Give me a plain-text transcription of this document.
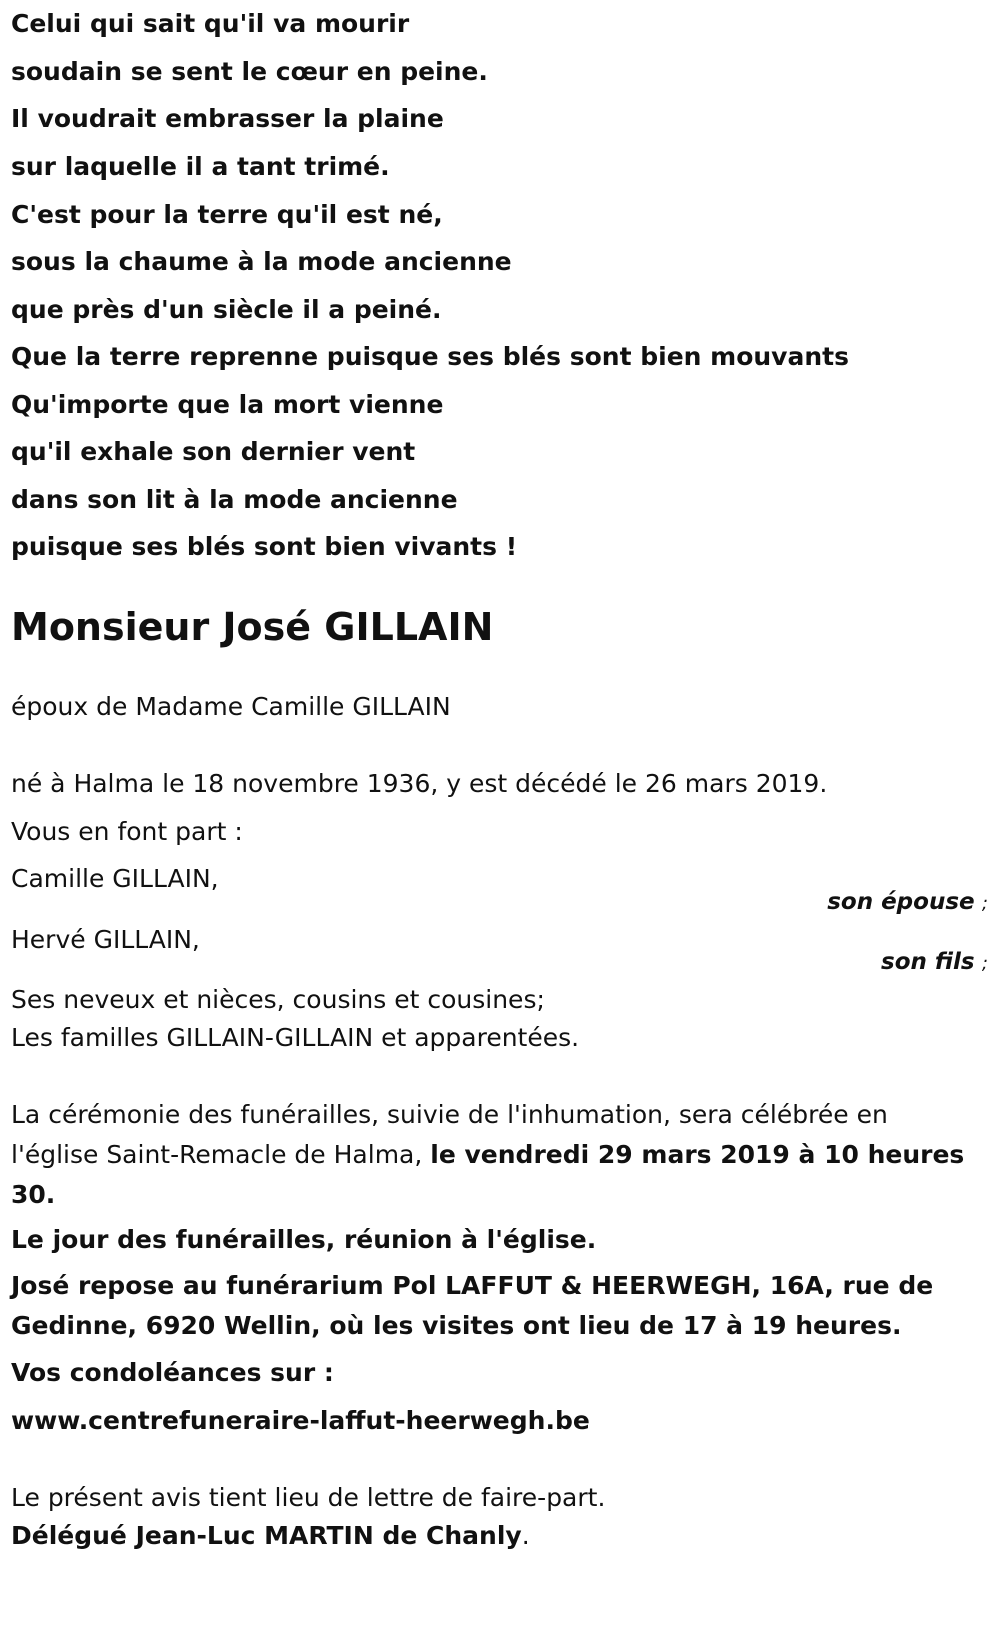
Celui qui sait qu'il va mourir
soudain se sent le cœur en peine.
Il voudrait embrasser la plaine
sur laquelle il a tant trimé.
C'est pour la terre qu'il est né,
sous la chaume à la mode ancienne
que près d'un siècle il a peiné.
Que la terre reprenne puisque ses blés sont bien mouvants
Qu'importe que la mort vienne
qu'il exhale son dernier vent
dans son lit à la mode ancienne
puisque ses blés sont bien vivants !
Monsieur José GILLAIN
époux de Madame Camille GILLAIN
né à Halma le 18 novembre 1936, y est décédé le 26 mars 2019.
Vous en font part :
Camille GILLAIN,
son épouse ;
Hervé GILLAIN,
son fils ;
Ses neveux et nièces, cousins et cousines;
Les familles GILLAIN-GILLAIN et apparentées.
La cérémonie des funérailles, suivie de l'inhumation, sera célébrée en l'église Saint-Remacle de Halma, le vendredi 29 mars 2019 à 10 heures 30.
Le jour des funérailles, réunion à l'église.
José repose au funérarium Pol LAFFUT & HEERWEGH, 16A, rue de Gedinne, 6920 Wellin, où les visites ont lieu de 17 à 19 heures.
Vos condoléances sur :
www.centrefuneraire-laffut-heerwegh.be
Le présent avis tient lieu de lettre de faire-part.
Délégué Jean-Luc MARTIN de Chanly.
